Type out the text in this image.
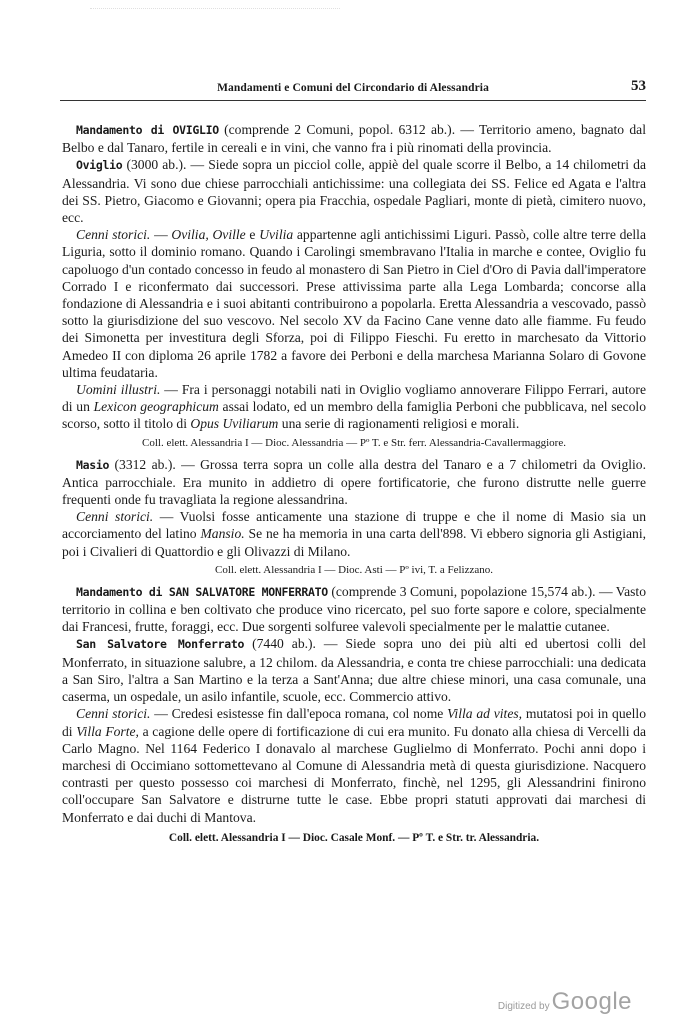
Mandamenti e Comuni del Circondario di Alessandria	53

Mandamento di OVIGLIO (comprende 2 Comuni, popol. 6312 ab.). — Territorio ameno, bagnato dal Belbo e dal Tanaro, fertile in cereali e in vini, che vanno fra i più rinomati della provincia.

Oviglio (3000 ab.). — Siede sopra un picciol colle, appiè del quale scorre il Belbo, a 14 chilometri da Alessandria. Vi sono due chiese parrocchiali antichissime: una collegiata dei SS. Felice ed Agata e l'altra dei SS. Pietro, Giacomo e Giovanni; opera pia Fracchia, ospedale Pagliari, monte di pietà, cimitero nuovo, ecc.

Cenni storici. — Ovilia, Oville e Uvilia appartenne agli antichissimi Liguri. Passò, colle altre terre della Liguria, sotto il dominio romano. Quando i Carolingi smembravano l'Italia in marche e contee, Oviglio fu capoluogo d'un contado concesso in feudo al monastero di San Pietro in Ciel d'Oro di Pavia dall'imperatore Corrado I e riconfermato dai successori. Prese attivissima parte alla Lega Lombarda; concorse alla fondazione di Alessandria e i suoi abitanti contribuirono a popolarla. Eretta Alessandria a vescovado, passò sotto la giurisdizione del suo vescovo. Nel secolo XV da Facino Cane venne dato alle fiamme. Fu feudo dei Simonetta per investitura degli Sforza, poi di Filippo Fieschi. Fu eretto in marchesato da Vittorio Amedeo II con diploma 26 aprile 1782 a favore dei Perboni e della marchesa Marianna Solaro di Govone ultima feudataria.

Uomini illustri. — Fra i personaggi notabili nati in Oviglio vogliamo annoverare Filippo Ferrari, autore di un Lexicon geographicum assai lodato, ed un membro della famiglia Perboni che pubblicava, nel secolo scorso, sotto il titolo di Opus Uviliarum una serie di ragionamenti religiosi e morali.

Coll. elett. Alessandria I — Dioc. Alessandria — Pº T. e Str. ferr. Alessandria-Cavallermaggiore.

Masio (3312 ab.). — Grossa terra sopra un colle alla destra del Tanaro e a 7 chilometri da Oviglio. Antica parrocchiale. Era munito in addietro di opere fortificatorie, che furono distrutte nelle guerre frequenti onde fu travagliata la regione alessandrina.

Cenni storici. — Vuolsi fosse anticamente una stazione di truppe e che il nome di Masio sia un accorciamento del latino Mansio. Se ne ha memoria in una carta dell'898. Vi ebbero signoria gli Astigiani, poi i Civalieri di Quattordio e gli Olivazzi di Milano.

Coll. elett. Alessandria I — Dioc. Asti — Pº ivi, T. a Felizzano.

Mandamento di SAN SALVATORE MONFERRATO (comprende 3 Comuni, popolazione 15,574 ab.). — Vasto territorio in collina e ben coltivato che produce vino ricercato, pel suo forte sapore e colore, specialmente dai Francesi, frutte, foraggi, ecc. Due sorgenti solfuree valevoli specialmente per le malattie cutanee.

San Salvatore Monferrato (7440 ab.). — Siede sopra uno dei più alti ed ubertosi colli del Monferrato, in situazione salubre, a 12 chilom. da Alessandria, e conta tre chiese parrocchiali: una dedicata a San Siro, l'altra a San Martino e la terza a Sant'Anna; due altre chiese minori, una casa comunale, una caserma, un ospedale, un asilo infantile, scuole, ecc. Commercio attivo.

Cenni storici. — Credesi esistesse fin dall'epoca romana, col nome Villa ad vites, mutatosi poi in quello di Villa Forte, a cagione delle opere di fortificazione di cui era munito. Fu donato alla chiesa di Vercelli da Carlo Magno. Nel 1164 Federico I donavalo al marchese Guglielmo di Monferrato. Pochi anni dopo i marchesi di Occimiano sottomettevano al Comune di Alessandria metà di questa giurisdizione. Nacquero contrasti per questo possesso coi marchesi di Monferrato, finchè, nel 1295, gli Alessandrini finirono coll'occupare San Salvatore e distrurne tutte le case. Ebbe propri statuti approvati dai marchesi di Monferrato e dai duchi di Mantova.

Coll. elett. Alessandria I — Dioc. Casale Monf. — Pº T. e Str. tr. Alessandria.
Digitized by Google
